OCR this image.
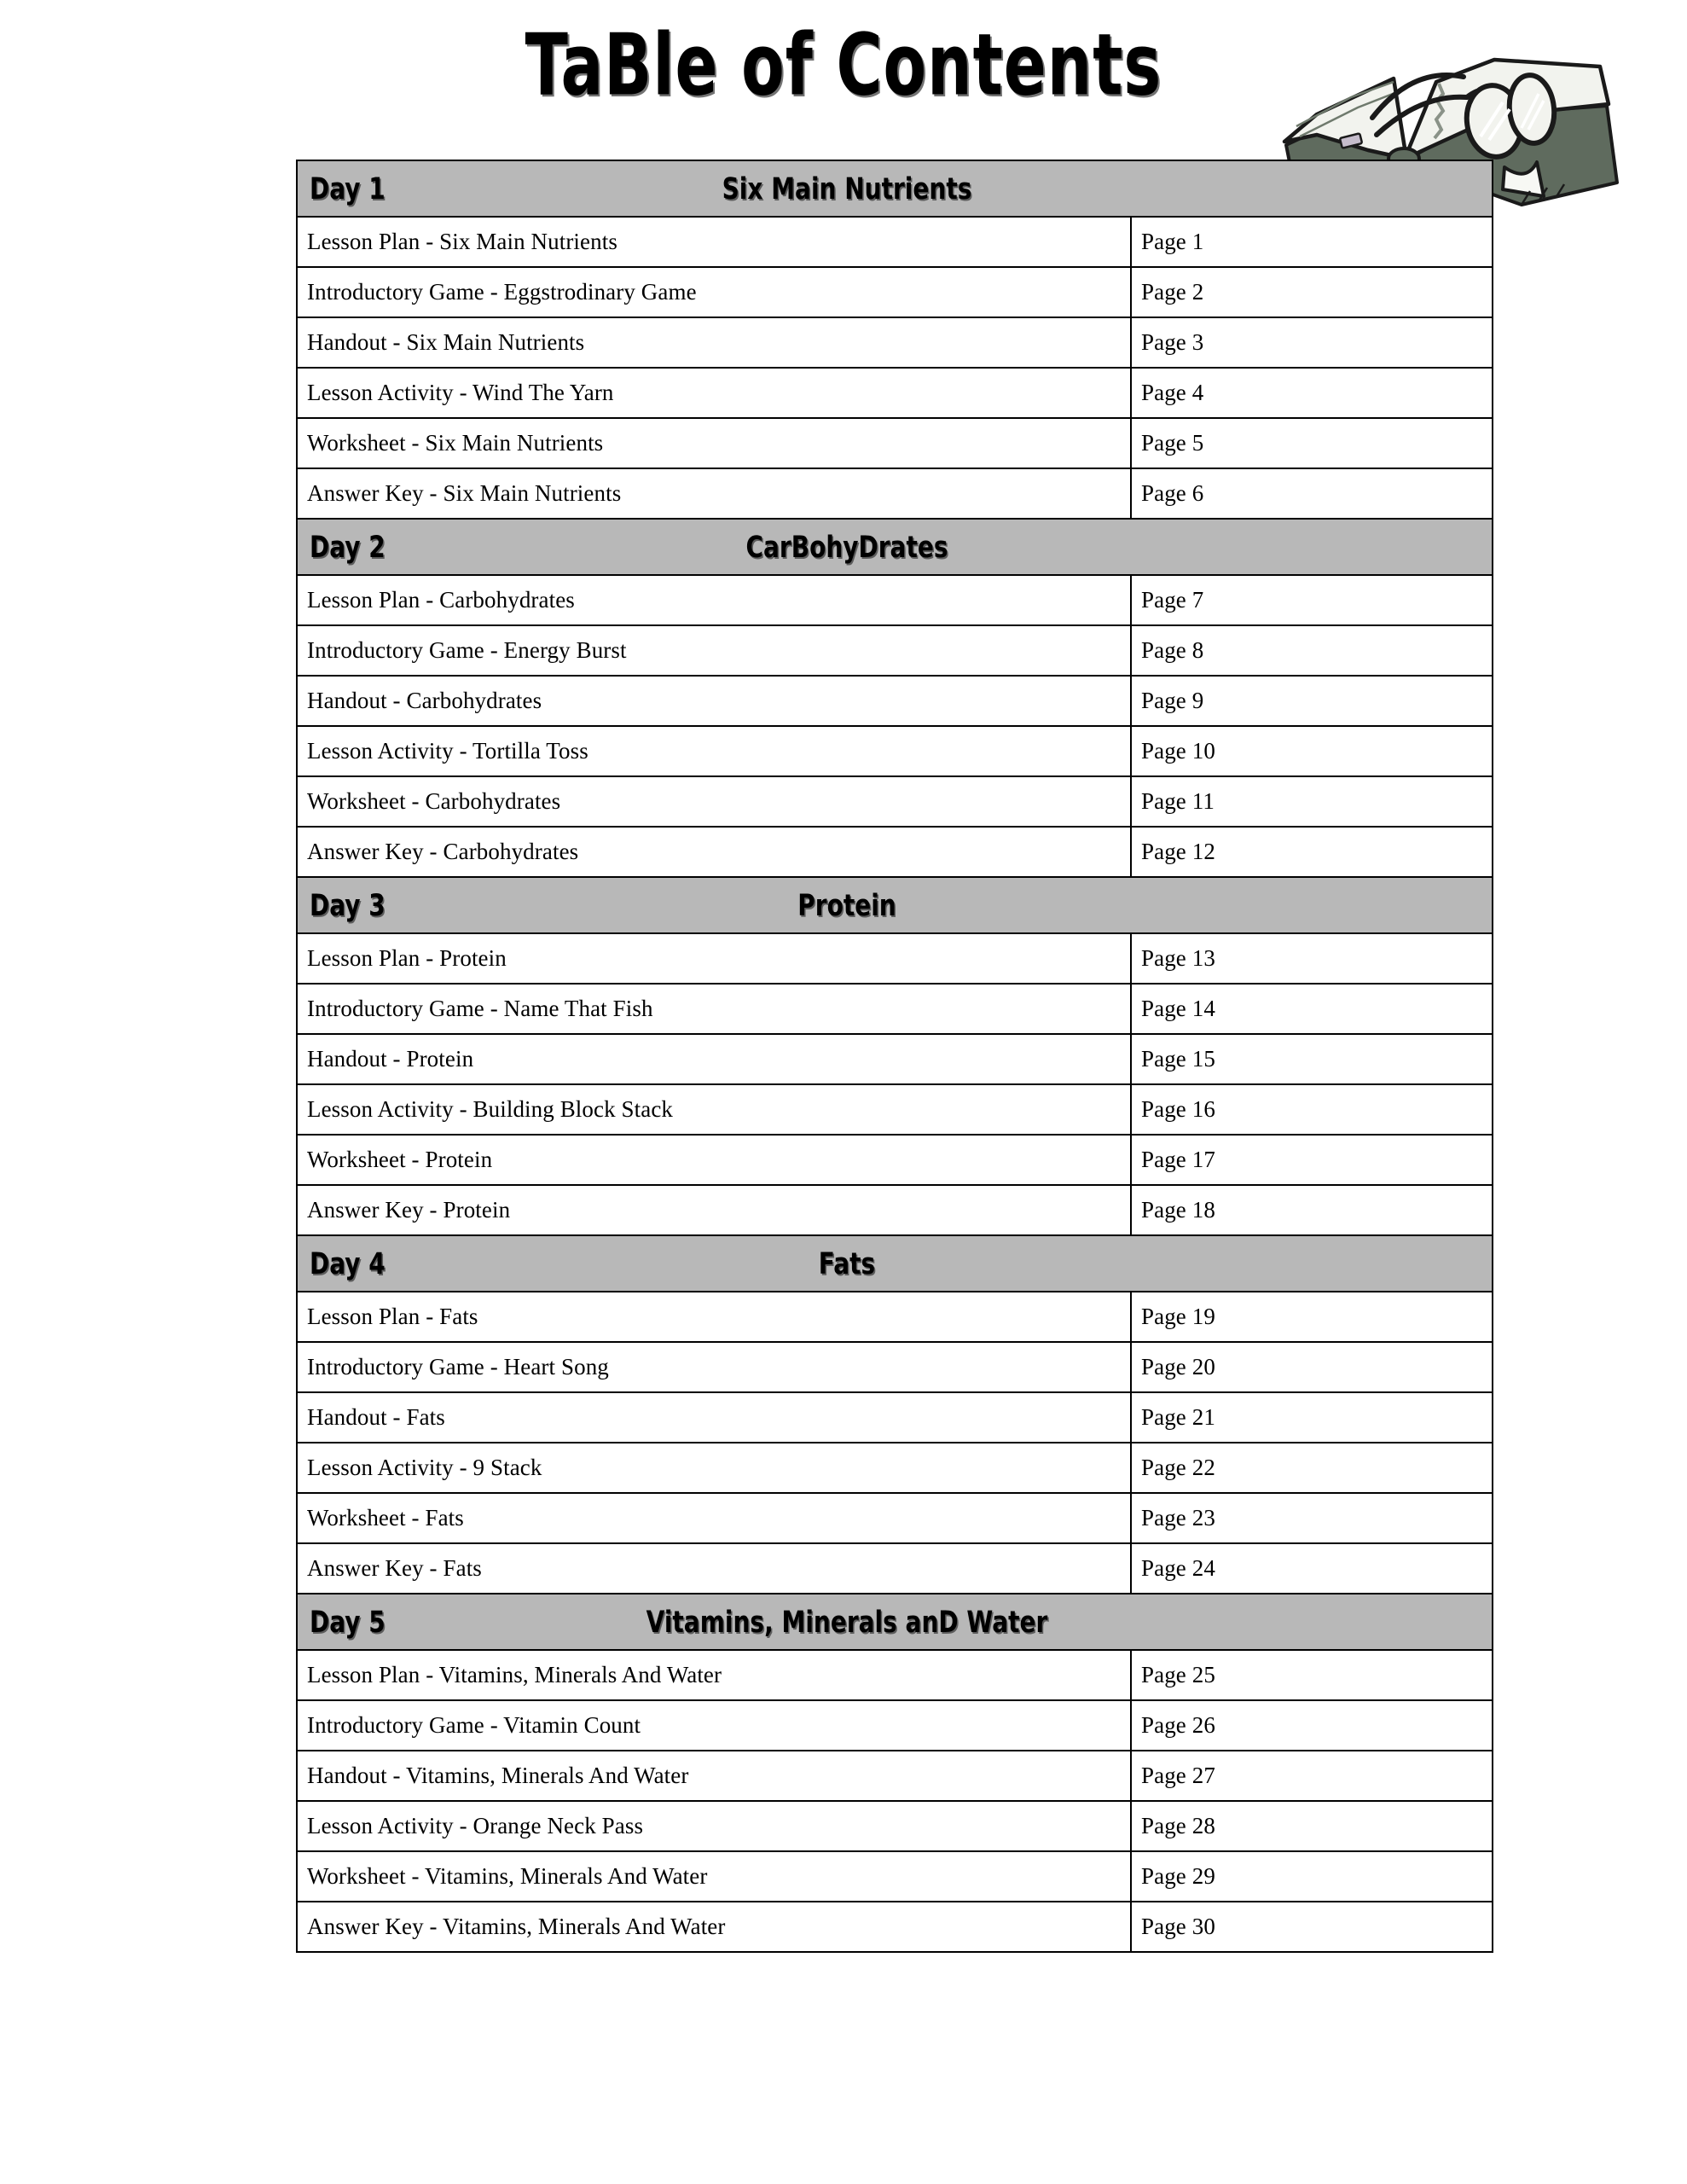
TaBle of Contents
Day 1 Six Main Nutrients	

Lesson Plan - Six Main Nutrients	Page 1

Introductory Game - Eggstrodinary Game	Page 2

Handout - Six Main Nutrients	Page 3

Lesson Activity - Wind The Yarn	Page 4

Worksheet - Six Main Nutrients	Page 5

Answer Key - Six Main Nutrients	Page 6

Day 2 CarBohyDrates	

Lesson Plan - Carbohydrates	Page 7

Introductory Game - Energy Burst	Page 8

Handout - Carbohydrates	Page 9

Lesson Activity - Tortilla Toss	Page 10

Worksheet - Carbohydrates	Page 11

Answer Key - Carbohydrates	Page 12

Day 3 Protein	

Lesson Plan - Protein	Page 13

Introductory Game - Name That Fish	Page 14

Handout - Protein	Page 15

Lesson Activity - Building Block Stack	Page 16

Worksheet - Protein	Page 17

Answer Key - Protein	Page 18

Day 4 Fats	

Lesson Plan - Fats	Page 19

Introductory Game - Heart Song	Page 20

Handout - Fats	Page 21

Lesson Activity - 9 Stack	Page 22

Worksheet - Fats	Page 23

Answer Key - Fats	Page 24

Day 5 Vitamins, Minerals anD Water	

Lesson Plan - Vitamins, Minerals And Water	Page 25

Introductory Game - Vitamin Count	Page 26

Handout - Vitamins, Minerals And Water	Page 27

Lesson Activity - Orange Neck Pass	Page 28

Worksheet - Vitamins, Minerals And Water	Page 29

Answer Key - Vitamins, Minerals And Water	Page 30
